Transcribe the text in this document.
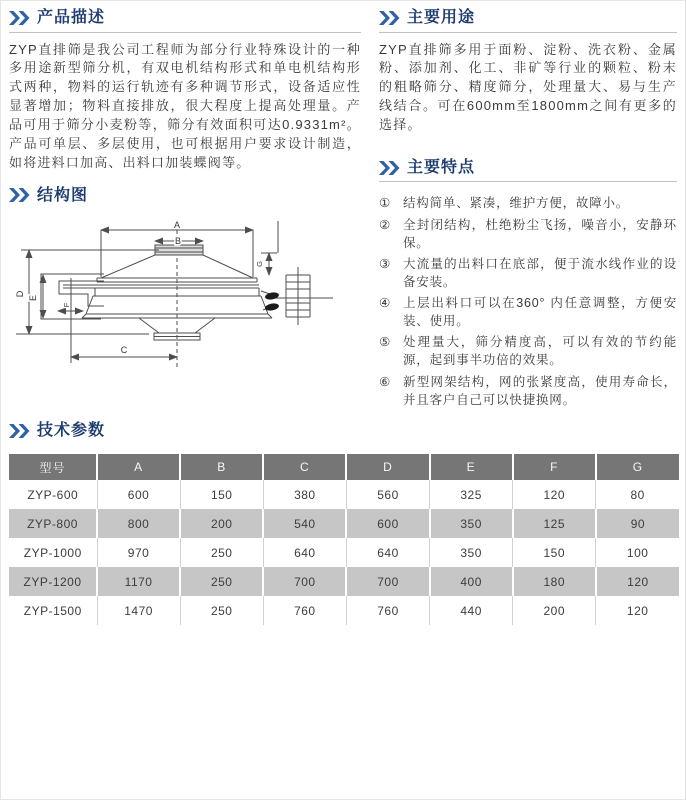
产品描述

ZYP直排筛是我公司工程师为部分行业特殊设计的一种多用途新型筛分机，有双电机结构形式和单电机结构形式两种，物料的运行轨迹有多种调节形式，设备适应性显著增加；物料直接排放，很大程度上提高处理量。产品可用于筛分小麦粉等，筛分有效面积可达0.9331m²。产品可单层、多层使用，也可根据用户要求设计制造，如将进料口加高、出料口加装蝶阀等。

结构图
A
B
C
D
E
F
G
主要用途

ZYP直排筛多用于面粉、淀粉、洗衣粉、金属粉、添加剂、化工、非矿等行业的颗粒、粉末的粗略筛分、精度筛分，处理量大、易与生产线结合。可在600mm至1800mm之间有更多的选择。

主要特点
① 结构简单、紧凑，维护方便，故障小。

② 全封闭结构，杜绝粉尘飞扬，噪音小，安静环保。

③ 大流量的出料口在底部，便于流水线作业的设备安装。

④ 上层出料口可以在360° 内任意调整，方便安装、使用。

⑤ 处理量大，筛分精度高，可以有效的节约能源，起到事半功倍的效果。

⑥ 新型网架结构，网的张紧度高，使用寿命长，并且客户自己可以快捷换网。

技术参数
型号	A	B	C	D	E	F	G
ZYP-600	600	150	380	560	325	120	80
ZYP-800	800	200	540	600	350	125	90
ZYP-1000	970	250	640	640	350	150	100
ZYP-1200	1170	250	700	700	400	180	120
ZYP-1500	1470	250	760	760	440	200	120
